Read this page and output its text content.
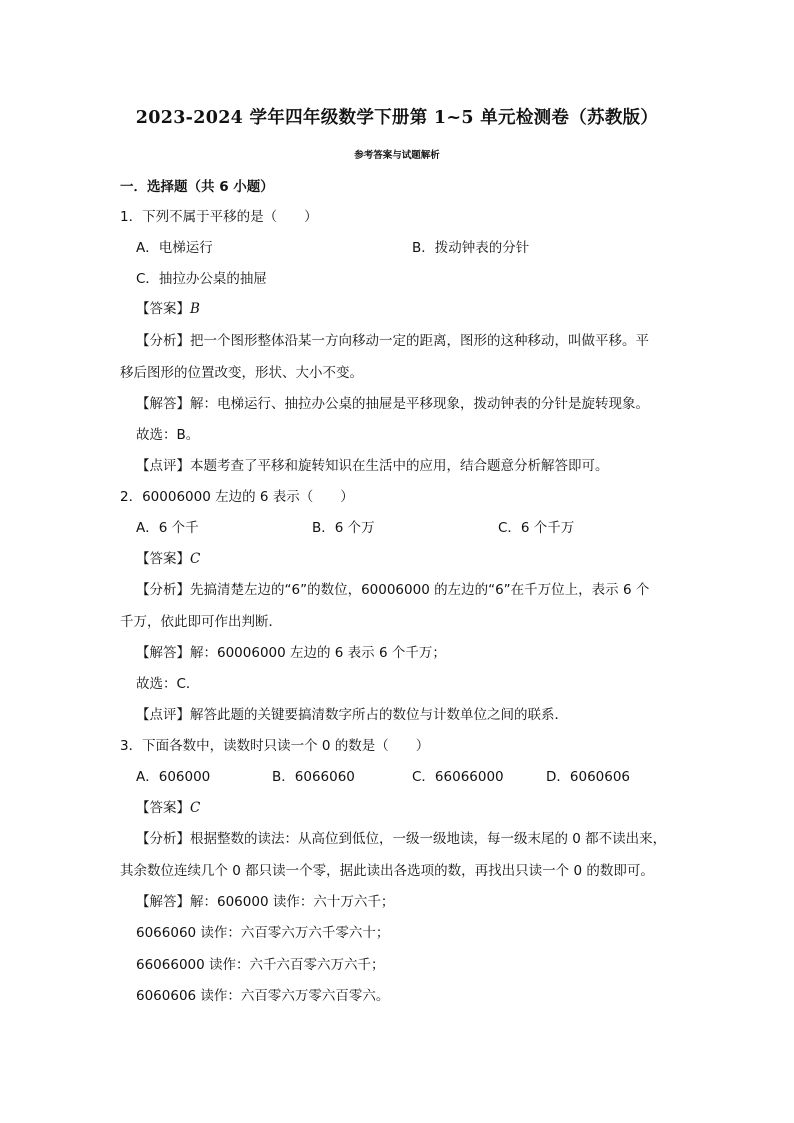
2023-2024 学年四年级数学下册第 1~5 单元检测卷（苏教版）
参考答案与试题解析
一．选择题（共 6 小题）
1．下列不属于平移的是（　　）
A．电梯运行	B．拨动钟表的分针
C．抽拉办公桌的抽屉
【答案】B
【分析】把一个图形整体沿某一方向移动一定的距离，图形的这种移动，叫做平移。平
移后图形的位置改变，形状、大小不变。
【解答】解：电梯运行、抽拉办公桌的抽屉是平移现象，拨动钟表的分针是旋转现象。
故选：B。
【点评】本题考查了平移和旋转知识在生活中的应用，结合题意分析解答即可。
2．60006000 左边的 6 表示（　　）
A．6 个千	B．6 个万	C．6 个千万
【答案】C
【分析】先搞清楚左边的“6”的数位，60006000 的左边的“6”在千万位上，表示 6 个
千万，依此即可作出判断．
【解答】解：60006000 左边的 6 表示 6 个千万；
故选：C．
【点评】解答此题的关键要搞清数字所占的数位与计数单位之间的联系．
3．下面各数中，读数时只读一个 0 的数是（　　）
A．606000	B．6066060	C．66066000	D．6060606
【答案】C
【分析】根据整数的读法：从高位到低位，一级一级地读，每一级末尾的 0 都不读出来，
其余数位连续几个 0 都只读一个零，据此读出各选项的数，再找出只读一个 0 的数即可。
【解答】解：606000 读作：六十万六千；
6066060 读作：六百零六万六千零六十；
66066000 读作：六千六百零六万六千；
6060606 读作：六百零六万零六百零六。
